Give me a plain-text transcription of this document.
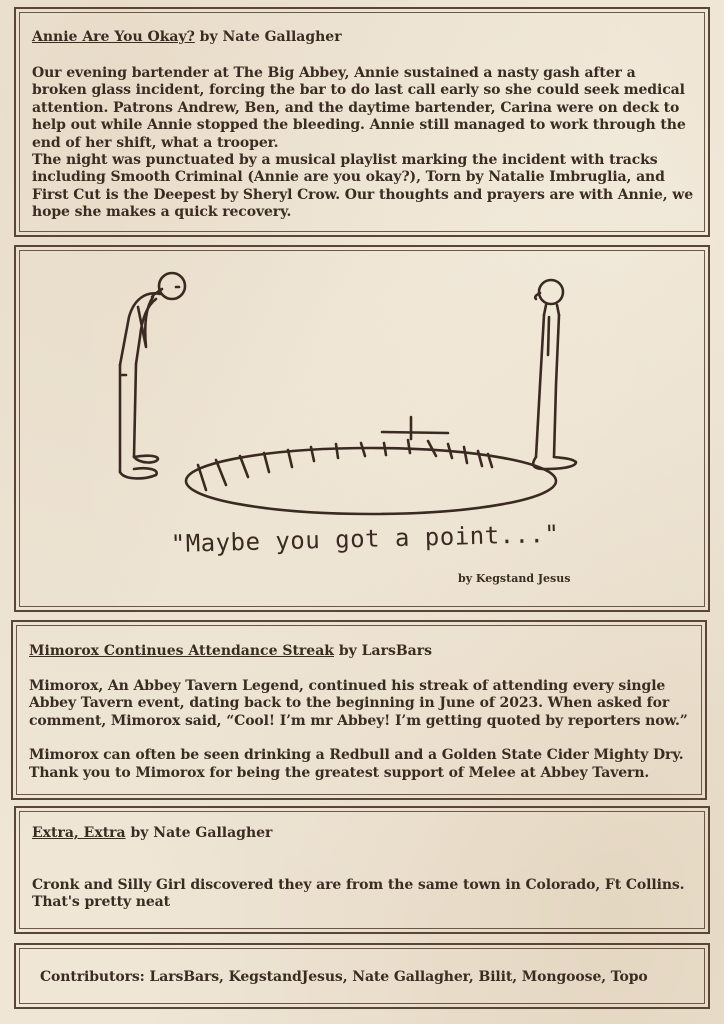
Annie Are You Okay? by Nate Gallagher

Our evening bartender at The Big Abbey, Annie sustained a nasty gash after a broken glass incident, forcing the bar to do last call early so she could seek medical attention. Patrons Andrew, Ben, and the daytime bartender, Carina were on deck to help out while Annie stopped the bleeding. Annie still managed to work through the end of her shift, what a trooper.

The night was punctuated by a musical playlist marking the incident with tracks including Smooth Criminal (Annie are you okay?), Torn by Natalie Imbruglia, and First Cut is the Deepest by Sheryl Crow. Our thoughts and prayers are with Annie, we hope she makes a quick recovery.

"Maybe you got a point..."
by Kegstand Jesus
Mimorox Continues Attendance Streak by LarsBars

Mimorox, An Abbey Tavern Legend, continued his streak of attending every single Abbey Tavern event, dating back to the beginning in June of 2023. When asked for comment, Mimorox said, “Cool! I’m mr Abbey! I’m getting quoted by reporters now.”

Mimorox can often be seen drinking a Redbull and a Golden State Cider Mighty Dry. Thank you to Mimorox for being the greatest support of Melee at Abbey Tavern.

Extra, Extra by Nate Gallagher

Cronk and Silly Girl discovered they are from the same town in Colorado, Ft Collins. That's pretty neat

Contributors: LarsBars, KegstandJesus, Nate Gallagher, Bilit, Mongoose, Topo
